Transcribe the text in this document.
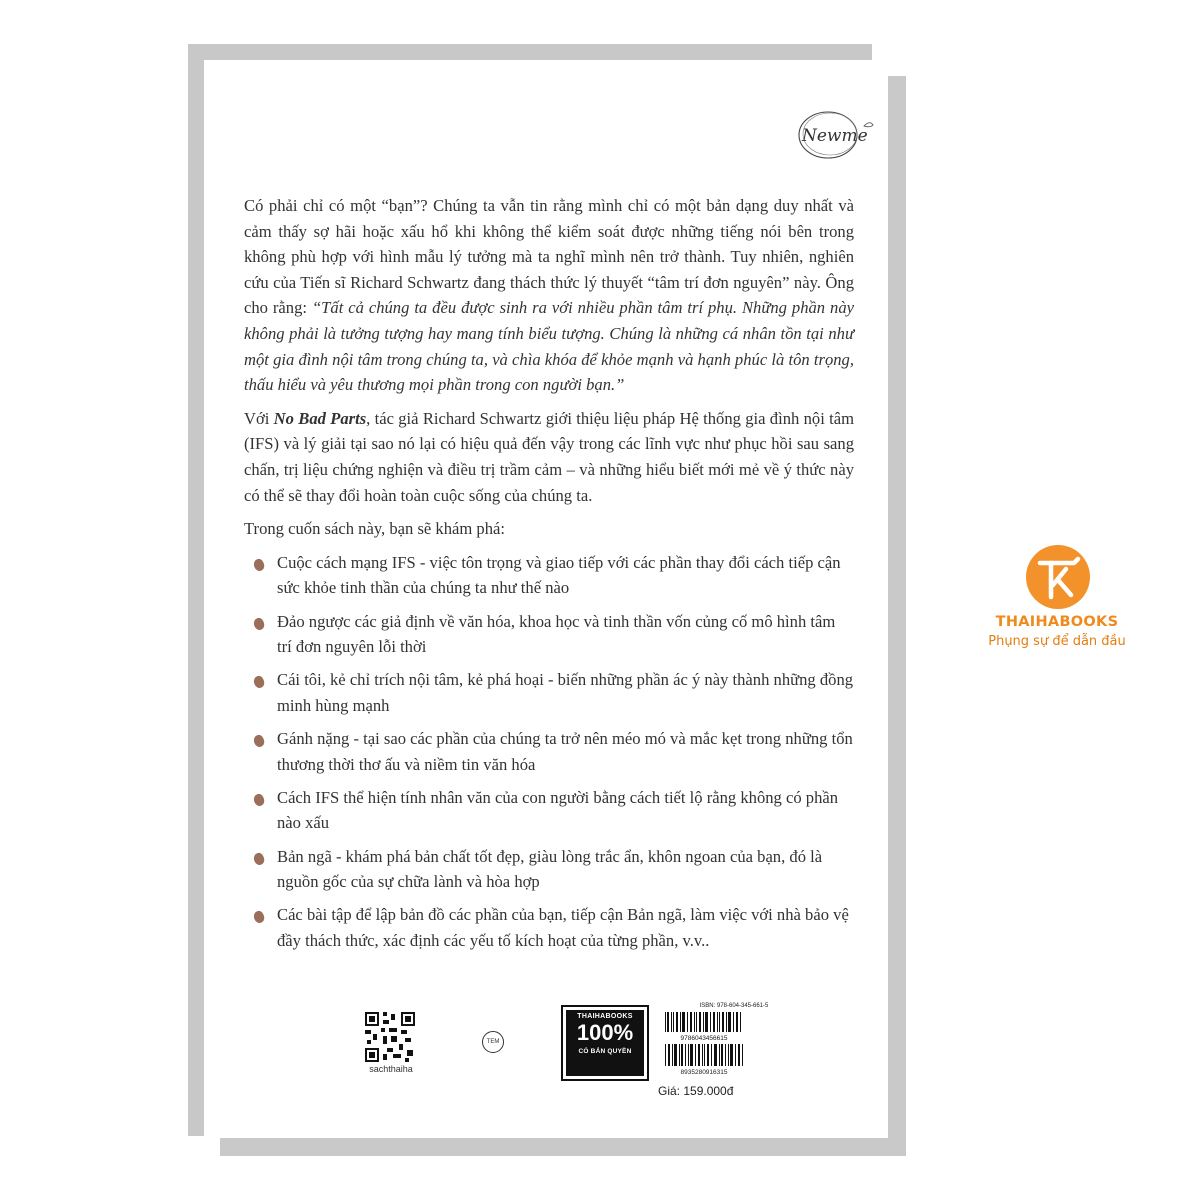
Newme

Có phải chỉ có một “bạn”? Chúng ta vẫn tin rằng mình chỉ có một bản dạng duy nhất và cảm thấy sợ hãi hoặc xấu hổ khi không thể kiểm soát được những tiếng nói bên trong không phù hợp với hình mẫu lý tưởng mà ta nghĩ mình nên trở thành. Tuy nhiên, nghiên cứu của Tiến sĩ Richard Schwartz đang thách thức lý thuyết “tâm trí đơn nguyên” này. Ông cho rằng: “Tất cả chúng ta đều được sinh ra với nhiều phần tâm trí phụ. Những phần này không phải là tưởng tượng hay mang tính biểu tượng. Chúng là những cá nhân tồn tại như một gia đình nội tâm trong chúng ta, và chìa khóa để khỏe mạnh và hạnh phúc là tôn trọng, thấu hiểu và yêu thương mọi phần trong con người bạn.”

Với No Bad Parts, tác giả Richard Schwartz giới thiệu liệu pháp Hệ thống gia đình nội tâm (IFS) và lý giải tại sao nó lại có hiệu quả đến vậy trong các lĩnh vực như phục hồi sau sang chấn, trị liệu chứng nghiện và điều trị trầm cảm – và những hiểu biết mới mẻ về ý thức này có thể sẽ thay đổi hoàn toàn cuộc sống của chúng ta.

Trong cuốn sách này, bạn sẽ khám phá:

Cuộc cách mạng IFS - việc tôn trọng và giao tiếp với các phần thay đổi cách tiếp cận sức khỏe tinh thần của chúng ta như thế nào
Đảo ngược các giả định về văn hóa, khoa học và tinh thần vốn củng cố mô hình tâm trí đơn nguyên lỗi thời
Cái tôi, kẻ chỉ trích nội tâm, kẻ phá hoại - biến những phần ác ý này thành những đồng minh hùng mạnh
Gánh nặng - tại sao các phần của chúng ta trở nên méo mó và mắc kẹt trong những tổn thương thời thơ ấu và niềm tin văn hóa
Cách IFS thể hiện tính nhân văn của con người bằng cách tiết lộ rằng không có phần nào xấu
Bản ngã - khám phá bản chất tốt đẹp, giàu lòng trắc ẩn, khôn ngoan của bạn, đó là nguồn gốc của sự chữa lành và hòa hợp
Các bài tập để lập bản đồ các phần của bạn, tiếp cận Bản ngã, làm việc với nhà bảo vệ đầy thách thức, xác định các yếu tố kích hoạt của từng phần, v.v..
sachthaiha
TEM
THAIHABOOKS
100%
CÓ BẢN QUYỀN
ISBN: 978-604-345-661-5
9786043456615
8935280916315
Giá: 159.000đ
THAIHABOOKS
Phụng sự để dẫn đầu
